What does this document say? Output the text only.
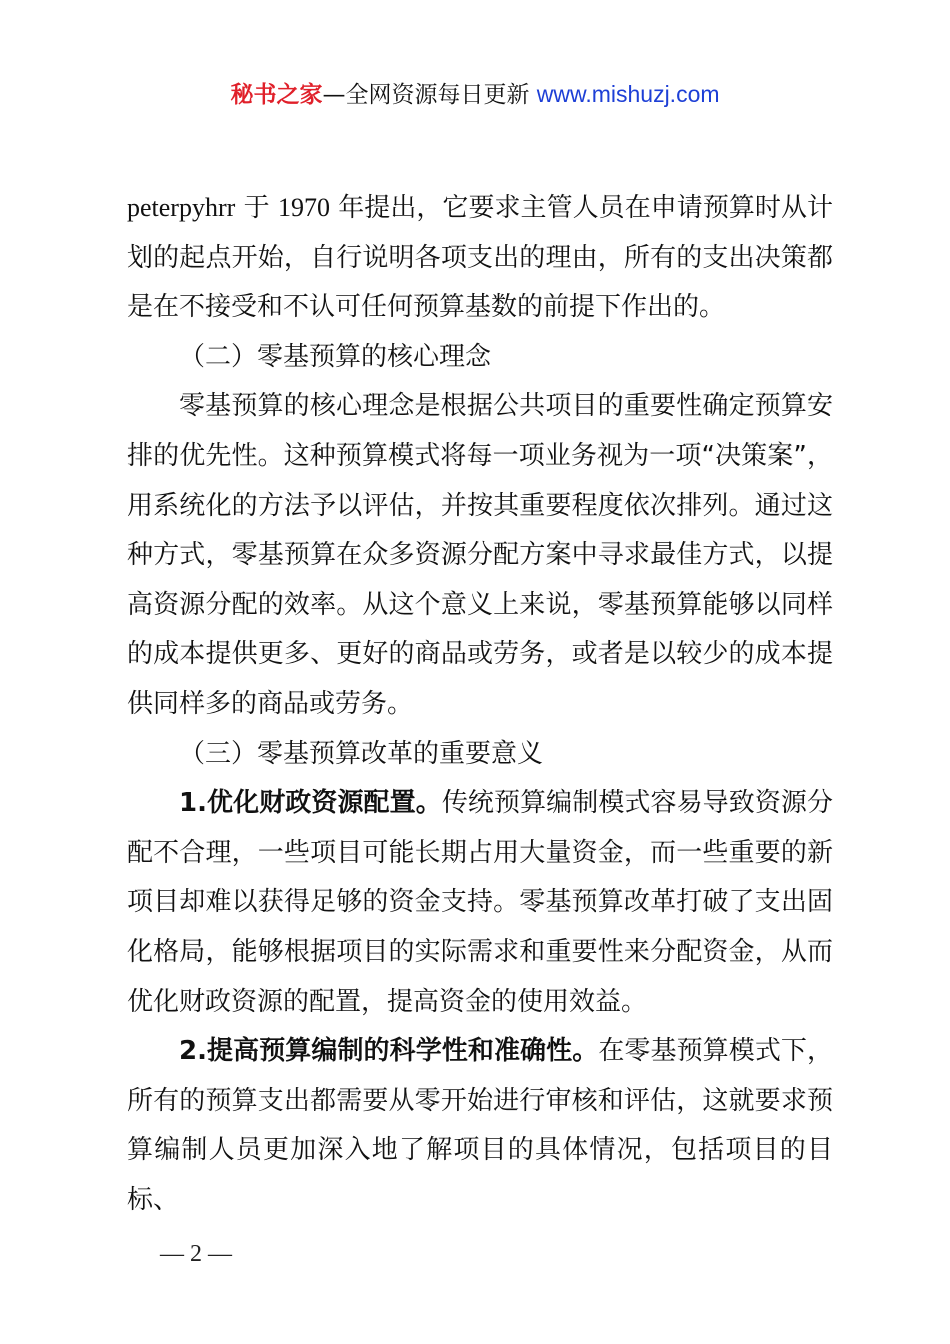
秘书之家—全网资源每日更新 www.mishuzj.com

peterpyhrr 于 1970 年提出，它要求主管人员在申请预算时从计划的起点开始，自行说明各项支出的理由，所有的支出决策都是在不接受和不认可任何预算基数的前提下作出的。

（二）零基预算的核心理念

零基预算的核心理念是根据公共项目的重要性确定预算安排的优先性。这种预算模式将每一项业务视为一项“决策案”，用系统化的方法予以评估，并按其重要程度依次排列。通过这种方式，零基预算在众多资源分配方案中寻求最佳方式，以提高资源分配的效率。从这个意义上来说，零基预算能够以同样的成本提供更多、更好的商品或劳务，或者是以较少的成本提供同样多的商品或劳务。

（三）零基预算改革的重要意义

1.优化财政资源配置。传统预算编制模式容易导致资源分配不合理，一些项目可能长期占用大量资金，而一些重要的新项目却难以获得足够的资金支持。零基预算改革打破了支出固化格局，能够根据项目的实际需求和重要性来分配资金，从而优化财政资源的配置，提高资金的使用效益。

2.提高预算编制的科学性和准确性。在零基预算模式下，所有的预算支出都需要从零开始进行审核和评估，这就要求预算编制人员更加深入地了解项目的具体情况，包括项目的目标、

— 2 —
